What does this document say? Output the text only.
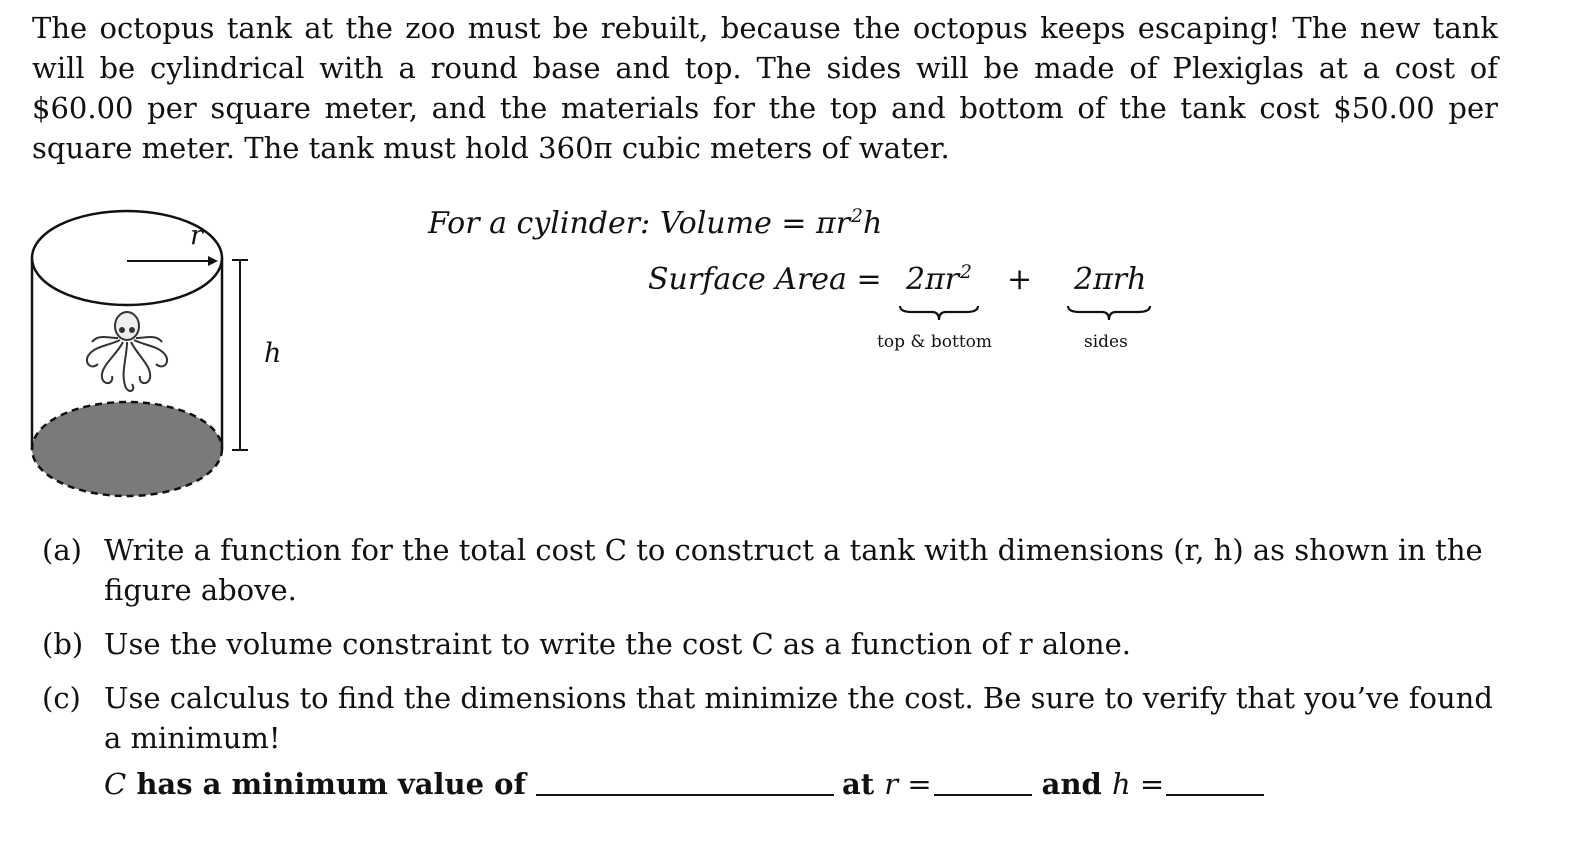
The octopus tank at the zoo must be rebuilt, because the octopus keeps escaping! The new tank will be cylindrical with a round base and top. The sides will be made of Plexiglas at a cost of $60.00 per square meter, and the materials for the top and bottom of the tank cost $50.00 per square meter. The tank must hold 360π cubic meters of water.

r
h
For a cylinder: Volume = $\pi r^2h$
Surface Area = $2\pi r^2 + 2\pi rh$
top & bottom	sides
(a) Write a function for the total cost C to construct a tank with dimensions (r, h) as shown in the figure above.
(b) Use the volume constraint to write the cost C as a function of r alone.
(c) Use calculus to find the dimensions that minimize the cost. Be sure to verify that you’ve found a minimum!
C has a minimum value of	at r =	and h =
